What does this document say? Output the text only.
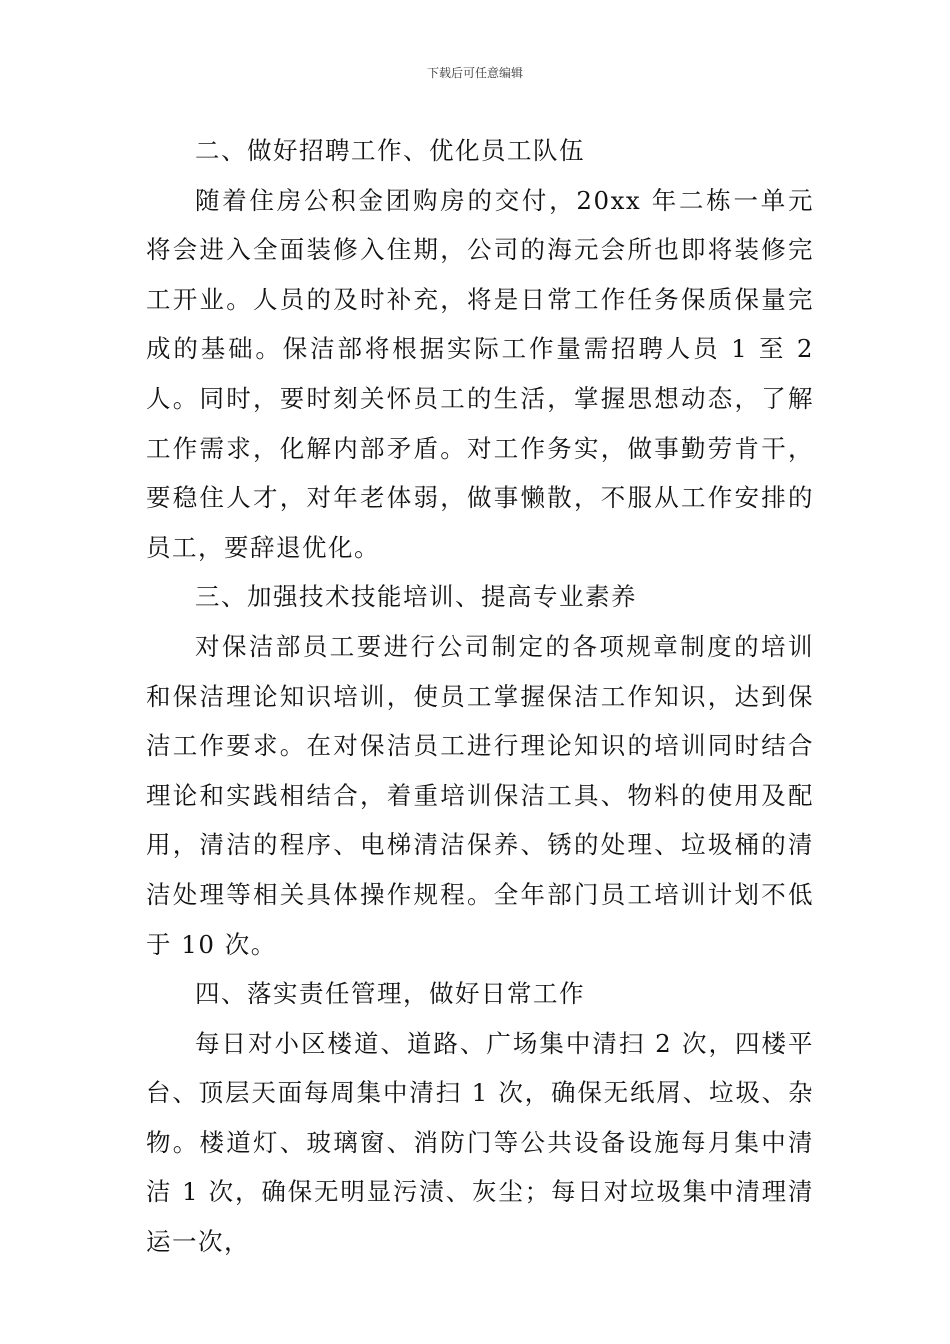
下载后可任意编辑

二、做好招聘工作、优化员工队伍

随着住房公积金团购房的交付，20xx 年二栋一单元将会进入全面装修入住期，公司的海元会所也即将装修完工开业。人员的及时补充，将是日常工作任务保质保量完成的基础。保洁部将根据实际工作量需招聘人员 1 至 2 人。同时，要时刻关怀员工的生活，掌握思想动态，了解工作需求，化解内部矛盾。对工作务实，做事勤劳肯干，要稳住人才，对年老体弱，做事懒散，不服从工作安排的员工，要辞退优化。

三、加强技术技能培训、提高专业素养

对保洁部员工要进行公司制定的各项规章制度的培训和保洁理论知识培训，使员工掌握保洁工作知识，达到保洁工作要求。在对保洁员工进行理论知识的培训同时结合理论和实践相结合，着重培训保洁工具、物料的使用及配用，清洁的程序、电梯清洁保养、锈的处理、垃圾桶的清洁处理等相关具体操作规程。全年部门员工培训计划不低于 10 次。

四、落实责任管理，做好日常工作

每日对小区楼道、道路、广场集中清扫 2 次，四楼平台、顶层天面每周集中清扫 1 次，确保无纸屑、垃圾、杂物。楼道灯、玻璃窗、消防门等公共设备设施每月集中清洁 1 次，确保无明显污渍、灰尘；每日对垃圾集中清理清运一次，
